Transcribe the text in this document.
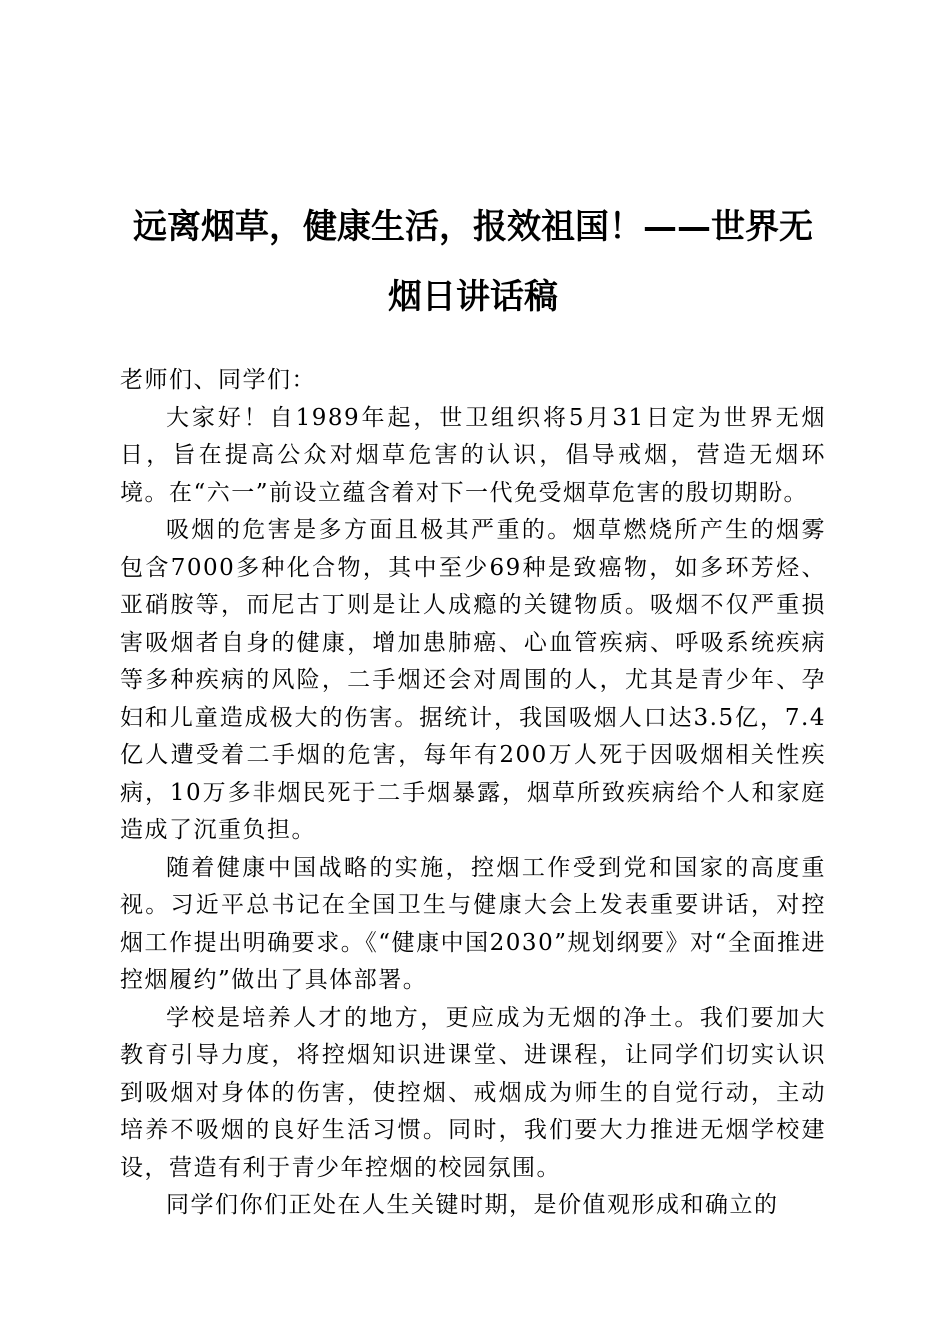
远离烟草，健康生活，报效祖国！——世界无烟日讲话稿

老师们、同学们：

大家好！自1989年起，世卫组织将5月31日定为世界无烟日，旨在提高公众对烟草危害的认识，倡导戒烟，营造无烟环境。在“六一”前设立蕴含着对下一代免受烟草危害的殷切期盼。

吸烟的危害是多方面且极其严重的。烟草燃烧所产生的烟雾包含7000多种化合物，其中至少69种是致癌物，如多环芳烃、亚硝胺等，而尼古丁则是让人成瘾的关键物质。吸烟不仅严重损害吸烟者自身的健康，增加患肺癌、心血管疾病、呼吸系统疾病等多种疾病的风险，二手烟还会对周围的人，尤其是青少年、孕妇和儿童造成极大的伤害。据统计，我国吸烟人口达3.5亿，7.4亿人遭受着二手烟的危害，每年有200万人死于因吸烟相关性疾病，10万多非烟民死于二手烟暴露，烟草所致疾病给个人和家庭造成了沉重负担。

随着健康中国战略的实施，控烟工作受到党和国家的高度重视。习近平总书记在全国卫生与健康大会上发表重要讲话，对控烟工作提出明确要求。《“健康中国2030”规划纲要》对“全面推进控烟履约”做出了具体部署。

学校是培养人才的地方，更应成为无烟的净土。我们要加大教育引导力度，将控烟知识进课堂、进课程，让同学们切实认识到吸烟对身体的伤害，使控烟、戒烟成为师生的自觉行动，主动培养不吸烟的良好生活习惯。同时，我们要大力推进无烟学校建设，营造有利于青少年控烟的校园氛围。

同学们你们正处在人生关键时期，是价值观形成和确立的
